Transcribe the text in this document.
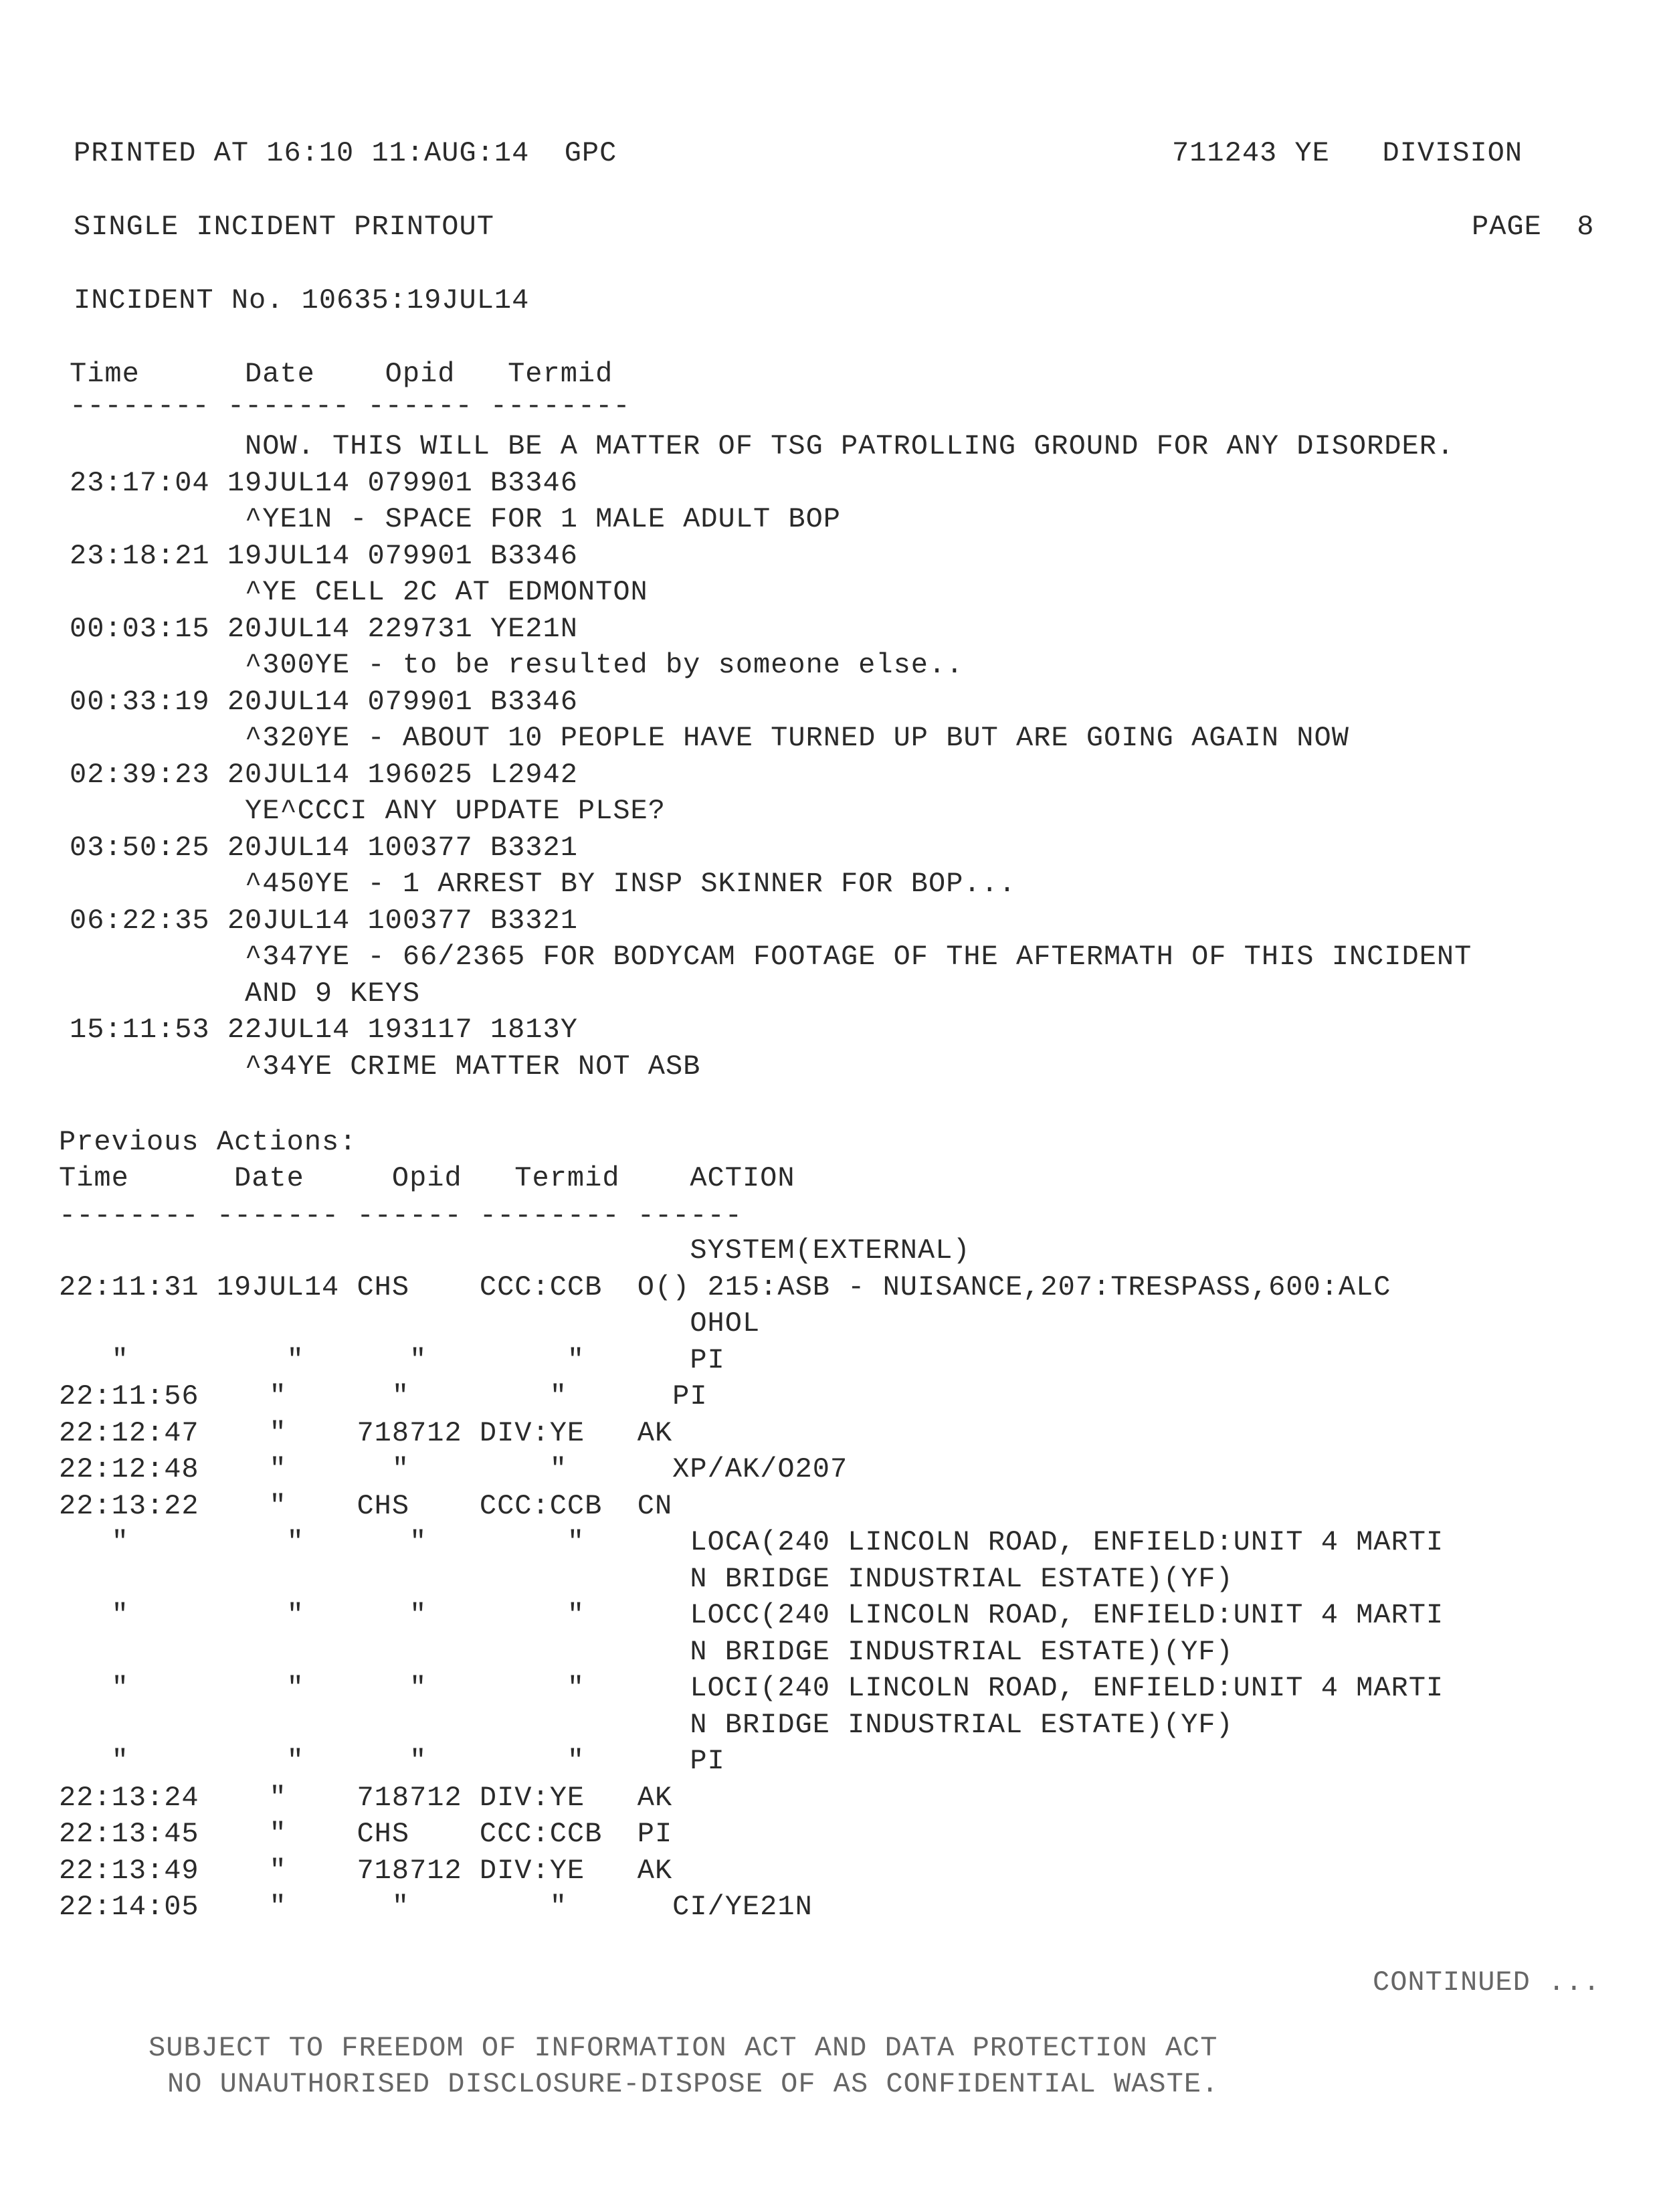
PRINTED AT 16:10 11:AUG:14  GPC	711243 YE   DIVISION
SINGLE INCIDENT PRINTOUT	PAGE  8
INCIDENT No. 10635:19JUL14
Time      Date    Opid   Termid
-------- ------- ------ --------
NOW. THIS WILL BE A MATTER OF TSG PATROLLING GROUND FOR ANY DISORDER.
23:17:04 19JUL14 079901 B3346
^YE1N - SPACE FOR 1 MALE ADULT BOP
23:18:21 19JUL14 079901 B3346
^YE CELL 2C AT EDMONTON
00:03:15 20JUL14 229731 YE21N
^300YE - to be resulted by someone else..
00:33:19 20JUL14 079901 B3346
^320YE - ABOUT 10 PEOPLE HAVE TURNED UP BUT ARE GOING AGAIN NOW
02:39:23 20JUL14 196025 L2942
YE^CCCI ANY UPDATE PLSE?
03:50:25 20JUL14 100377 B3321
^450YE - 1 ARREST BY INSP SKINNER FOR BOP...
06:22:35 20JUL14 100377 B3321
^347YE - 66/2365 FOR BODYCAM FOOTAGE OF THE AFTERMATH OF THIS INCIDENT
AND 9 KEYS
15:11:53 22JUL14 193117 1813Y
^34YE CRIME MATTER NOT ASB
Previous Actions:
Time      Date     Opid   Termid    ACTION
-------- ------- ------ -------- ------
SYSTEM(EXTERNAL)
22:11:31 19JUL14 CHS    CCC:CCB  O() 215:ASB - NUISANCE,207:TRESPASS,600:ALC
OHOL
"         "      "        "      PI
22:11:56    "      "        "      PI
22:12:47    "    718712 DIV:YE   AK
22:12:48    "      "        "      XP/AK/O207
22:13:22    "    CHS    CCC:CCB  CN
"         "      "        "      LOCA(240 LINCOLN ROAD, ENFIELD:UNIT 4 MARTI
N BRIDGE INDUSTRIAL ESTATE)(YF)
"         "      "        "      LOCC(240 LINCOLN ROAD, ENFIELD:UNIT 4 MARTI
N BRIDGE INDUSTRIAL ESTATE)(YF)
"         "      "        "      LOCI(240 LINCOLN ROAD, ENFIELD:UNIT 4 MARTI
N BRIDGE INDUSTRIAL ESTATE)(YF)
"         "      "        "      PI
22:13:24    "    718712 DIV:YE   AK
22:13:45    "    CHS    CCC:CCB  PI
22:13:49    "    718712 DIV:YE   AK
22:14:05    "      "        "      CI/YE21N
CONTINUED ...
SUBJECT TO FREEDOM OF INFORMATION ACT AND DATA PROTECTION ACT
NO UNAUTHORISED DISCLOSURE-DISPOSE OF AS CONFIDENTIAL WASTE.
